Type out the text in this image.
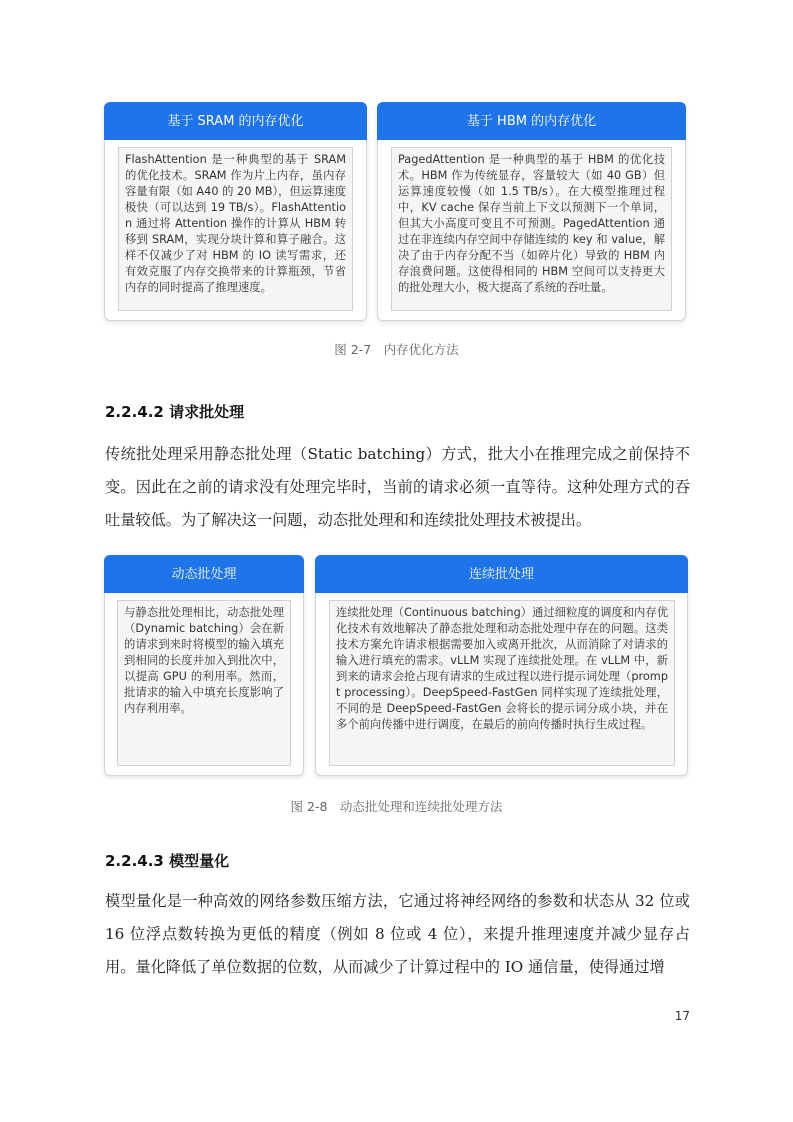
基于 SRAM 的内存优化
FlashAttention 是一种典型的基于 SRAM 的优化技术。SRAM 作为片上内存，虽内存容量有限（如 A40 的 20 MB），但运算速度极快（可以达到 19 TB/s）。FlashAttention 通过将 Attention 操作的计算从 HBM 转移到 SRAM，实现分块计算和算子融合。这样不仅减少了对 HBM 的 IO 读写需求，还有效克服了内存交换带来的计算瓶颈，节省内存的同时提高了推理速度。
基于 HBM 的内存优化
PagedAttention 是一种典型的基于 HBM 的优化技术。HBM 作为传统显存，容量较大（如 40 GB）但运算速度较慢（如 1.5 TB/s）。在大模型推理过程中，KV cache 保存当前上下文以预测下一个单词，但其大小高度可变且不可预测。PagedAttention 通过在非连续内存空间中存储连续的 key 和 value，解决了由于内存分配不当（如碎片化）导致的 HBM 内存浪费问题。这使得相同的 HBM 空间可以支持更大的批处理大小，极大提高了系统的吞吐量。
图 2-7　内存优化方法
2.2.4.2 请求批处理
传统批处理采用静态批处理（Static batching）方式，批大小在推理完成之前保持不变。因此在之前的请求没有处理完毕时，当前的请求必须一直等待。这种处理方式的吞吐量较低。为了解决这一问题，动态批处理和和连续批处理技术被提出。
动态批处理
与静态批处理相比，动态批处理（Dynamic batching）会在新的请求到来时将模型的输入填充到相同的长度并加入到批次中，以提高 GPU 的利用率。然而，批请求的输入中填充长度影响了内存利用率。
连续批处理
连续批处理（Continuous batching）通过细粒度的调度和内存优化技术有效地解决了静态批处理和动态批处理中存在的问题。这类技术方案允许请求根据需要加入或离开批次，从而消除了对请求的输入进行填充的需求。vLLM 实现了连续批处理。在 vLLM 中，新到来的请求会抢占现有请求的生成过程以进行提示词处理（prompt processing）。DeepSpeed-FastGen 同样实现了连续批处理，不同的是 DeepSpeed-FastGen 会将长的提示词分成小块，并在多个前向传播中进行调度，在最后的前向传播时执行生成过程。
图 2-8　动态批处理和连续批处理方法
2.2.4.3 模型量化
模型量化是一种高效的网络参数压缩方法，它通过将神经网络的参数和状态从 32 位或 16 位浮点数转换为更低的精度（例如 8 位或 4 位），来提升推理速度并减少显存占用。量化降低了单位数据的位数，从而减少了计算过程中的 IO 通信量，使得通过增
17
